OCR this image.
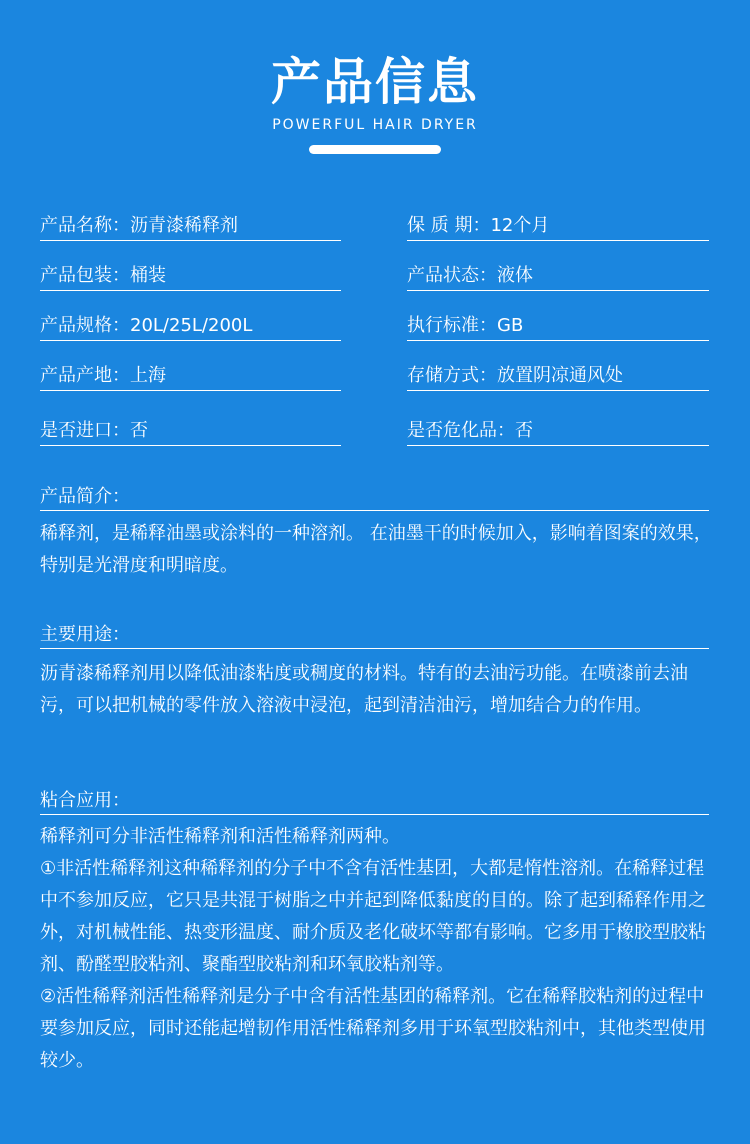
产品信息
POWERFUL HAIR DRYER
产品名称：沥青漆稀释剂	保 质 期：12个月
产品包装：桶装	产品状态：液体
产品规格：20L/25L/200L	执行标准：GB
产品产地：上海	存储方式：放置阴凉通风处
是否进口：否	是否危化品：否
产品简介：

稀释剂，是稀释油墨或涂料的一种溶剂。 在油墨干的时候加入，影响着图案的效果，特别是光滑度和明暗度。

主要用途：

沥青漆稀释剂用以降低油漆粘度或稠度的材料。特有的去油污功能。在喷漆前去油污，可以把机械的零件放入溶液中浸泡，起到清洁油污，增加结合力的作用。

粘合应用：

稀释剂可分非活性稀释剂和活性稀释剂两种。

①非活性稀释剂这种稀释剂的分子中不含有活性基团，大都是惰性溶剂。在稀释过程中不参加反应，它只是共混于树脂之中并起到降低黏度的目的。除了起到稀释作用之外，对机械性能、热变形温度、耐介质及老化破坏等都有影响。它多用于橡胶型胶粘剂、酚醛型胶粘剂、聚酯型胶粘剂和环氧胶粘剂等。

②活性稀释剂活性稀释剂是分子中含有活性基团的稀释剂。它在稀释胶粘剂的过程中要参加反应，同时还能起增韧作用活性稀释剂多用于环氧型胶粘剂中，其他类型使用较少。
